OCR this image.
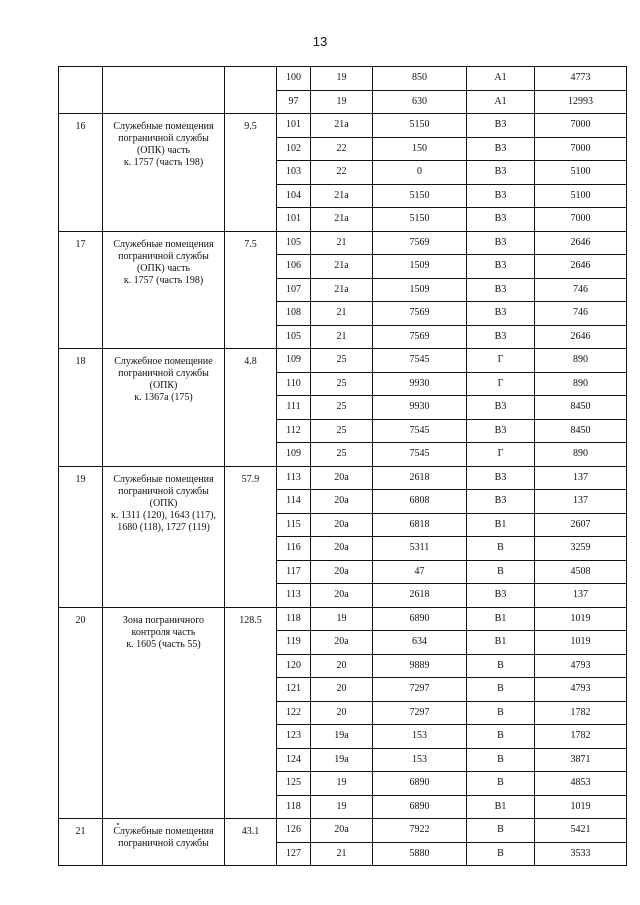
13
			100	19	850	A1	4773
			97	19	630	A1	12993
16	Служебные помещения
пограничной службы
(ОПК) часть
к. 1757 (часть 198)	9.5	101	21a	5150	B3	7000
			102	22	150	B3	7000
			103	22	0	B3	5100
			104	21a	5150	B3	5100
			101	21a	5150	B3	7000
17	Служебные помещения
пограничной службы
(ОПК) часть
к. 1757 (часть 198)	7.5	105	21	7569	B3	2646
			106	21a	1509	B3	2646
			107	21a	1509	B3	746
			108	21	7569	B3	746
			105	21	7569	B3	2646
18	Служебное помещение
пограничной службы
(ОПК)
к. 1367a (175)	4.8	109	25	7545	Г	890
			110	25	9930	Г	890
			111	25	9930	B3	8450
			112	25	7545	B3	8450
			109	25	7545	Г	890
19	Служебные помещения
пограничной службы
(ОПК)
к. 1311 (120), 1643 (117),
1680 (118), 1727 (119)	57.9	113	20a	2618	B3	137
			114	20a	6808	B3	137
			115	20a	6818	B1	2607
			116	20a	5311	B	3259
			117	20a	47	B	4508
			113	20a	2618	B3	137
20	Зона пограничного
контроля часть
к. 1605 (часть 55)	128.5	118	19	6890	B1	1019
			119	20a	634	B1	1019
			120	20	9889	B	4793
			121	20	7297	B	4793
			122	20	7297	B	1782
			123	19a	153	B	1782
			124	19a	153	B	3871
			125	19	6890	B	4853
			118	19	6890	B1	1019
21	Служебные помещения
пограничной службы	43.1	126	20a	7922	B	5421
			127	21	5880	B	3533
